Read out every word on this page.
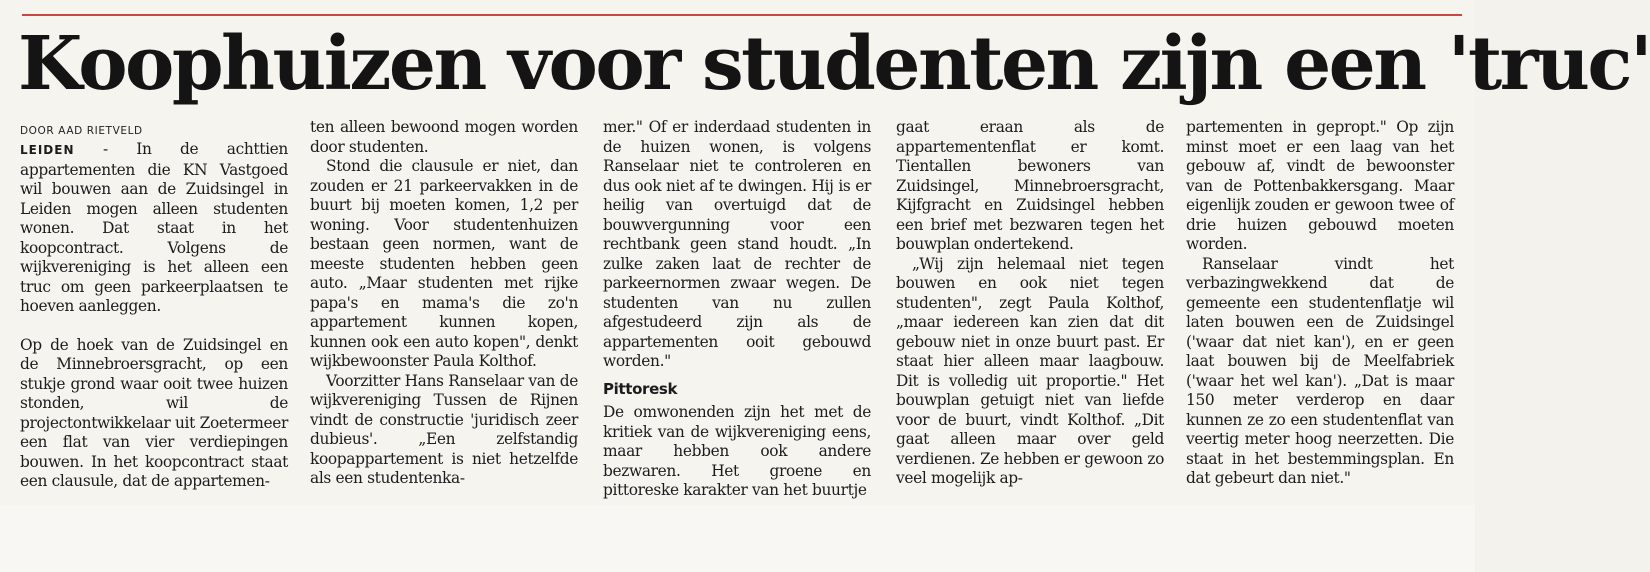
Koophuizen voor studenten zijn een 'truc'
DOOR AAD RIETVELD

LEIDEN - In de achttien appartementen die KN Vastgoed wil bouwen aan de Zuidsingel in Leiden mogen alleen studenten wonen. Dat staat in het koopcontract. Volgens de wijkvereniging is het alleen een truc om geen parkeerplaatsen te hoeven aanleggen.

Op de hoek van de Zuidsingel en de Minnebroersgracht, op een stukje grond waar ooit twee huizen stonden, wil de projectontwikkelaar uit Zoetermeer een flat van vier verdiepingen bouwen. In het koopcontract staat een clausule, dat de appartemen-

ten alleen bewoond mogen worden door studenten.

Stond die clausule er niet, dan zouden er 21 parkeervakken in de buurt bij moeten komen, 1,2 per woning. Voor studentenhuizen bestaan geen normen, want de meeste studenten hebben geen auto. „Maar studenten met rijke papa's en mama's die zo'n appartement kunnen kopen, kunnen ook een auto kopen", denkt wijkbewoonster Paula Kolthof.

Voorzitter Hans Ranselaar van de wijkvereniging Tussen de Rijnen vindt de constructie 'juridisch zeer dubieus'. „Een zelfstandig koopappartement is niet hetzelfde als een studentenka-

mer." Of er inderdaad studenten in de huizen wonen, is volgens Ranselaar niet te controleren en dus ook niet af te dwingen. Hij is er heilig van overtuigd dat de bouwvergunning voor een rechtbank geen stand houdt. „In zulke zaken laat de rechter de parkeernormen zwaar wegen. De studenten van nu zullen afgestudeerd zijn als de appartementen ooit gebouwd worden."

Pittoresk

De omwonenden zijn het met de kritiek van de wijkvereniging eens, maar hebben ook andere bezwaren. Het groene en pittoreske karakter van het buurtje

gaat eraan als de appartementenflat er komt. Tientallen bewoners van Zuidsingel, Minnebroersgracht, Kijfgracht en Zuidsingel hebben een brief met bezwaren tegen het bouwplan ondertekend.

„Wij zijn helemaal niet tegen bouwen en ook niet tegen studenten", zegt Paula Kolthof, „maar iedereen kan zien dat dit gebouw niet in onze buurt past. Er staat hier alleen maar laagbouw. Dit is volledig uit proportie." Het bouwplan getuigt niet van liefde voor de buurt, vindt Kolthof. „Dit gaat alleen maar over geld verdienen. Ze hebben er gewoon zo veel mogelijk ap-

partementen in gepropt." Op zijn minst moet er een laag van het gebouw af, vindt de bewoonster van de Pottenbakkersgang. Maar eigenlijk zouden er gewoon twee of drie huizen gebouwd moeten worden.

Ranselaar vindt het verbazingwekkend dat de gemeente een studentenflatje wil laten bouwen een de Zuidsingel ('waar dat niet kan'), en er geen laat bouwen bij de Meelfabriek ('waar het wel kan'). „Dat is maar 150 meter verderop en daar kunnen ze zo een studentenflat van veertig meter hoog neerzetten. Die staat in het bestemmingsplan. En dat gebeurt dan niet."
